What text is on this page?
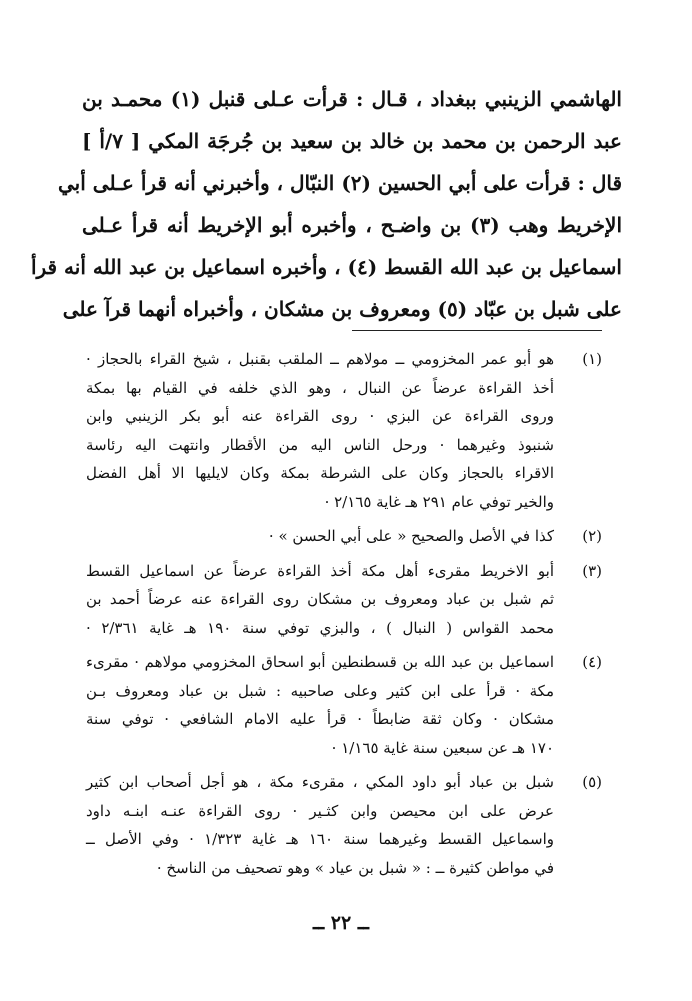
الهاشمي الزينبي ببغداد ، قـال : قرأت عـلى قنبل (١) محمـد بن
عبد الرحمن بن محمد بن خالد بن سعيد بن جُرجَة المكي [ ٧/أ ]
قال : قرأت على أبي الحسين (٢) النبّال ، وأخبرني أنه قرأ عـلى أبي
الإخريط وهب (٣) بن واضـح ، وأخبره أبو الإخريط أنه قرأ عـلى
اسماعيل بن عبد الله القسط (٤) ، وأخبره اسماعيل بن عبد الله أنه قرأ
على شبل بن عبّاد (٥) ومعروف بن مشكان ، وأخبراه أنهما قرآ على
(١)
هو أبو عمر المخزومي ــ مولاهم ــ الملقب بقنبل ، شيخ القراء بالحجاز ·
أخذ القراءة عرضاً عن النبال ، وهو الذي خلفه في القيام بها بمكة
وروى القراءة عن البزي · روى القراءة عنه أبو بكر الزينبي وابن
شنبوذ وغيرهما · ورحل الناس اليه من الأقطار وانتهت اليه رئاسة
الاقراء بالحجاز وكان على الشرطة بمكة وكان لايليها الا أهل الفضل
والخير توفي عام ٢٩١ هـ غاية ٢/١٦٥ ·
(٢)
كذا في الأصل والصحيح « على أبي الحسن » ·
(٣)
أبو الاخريط مقرىء أهل مكة أخذ القراءة عرضاً عن اسماعيل القسط
ثم شبل بن عباد ومعروف بن مشكان روى القراءة عنه عرضاً أحمد بن
محمد القواس ( النبال ) ، والبزي توفي سنة ١٩٠ هـ غاية ٢/٣٦١ ·
(٤)
اسماعيل بن عبد الله بن قسطنطين أبو اسحاق المخزومي مولاهم · مقرىء
مكة · قرأ على ابن كثير وعلى صاحبيه : شبل بن عباد ومعروف بـن
مشكان · وكان ثقة ضابطاً · قرأ عليه الامام الشافعي · توفي سنة
١٧٠ هـ عن سبعين سنة غاية ١/١٦٥ ·
(٥)
شبل بن عباد أبو داود المكي ، مقرىء مكة ، هو أجل أصحاب ابن كثير
عرض على ابن محيصن وابن كثـير · روى القراءة عنـه ابنـه داود
واسماعيل القسط وغيرهما سنة ١٦٠ هـ غاية ١/٣٢٣ · وفي الأصل ــ
في مواطن كثيرة ــ : « شبل بن عياد » وهو تصحيف من الناسخ ·
ــ ٢٢ ــ
